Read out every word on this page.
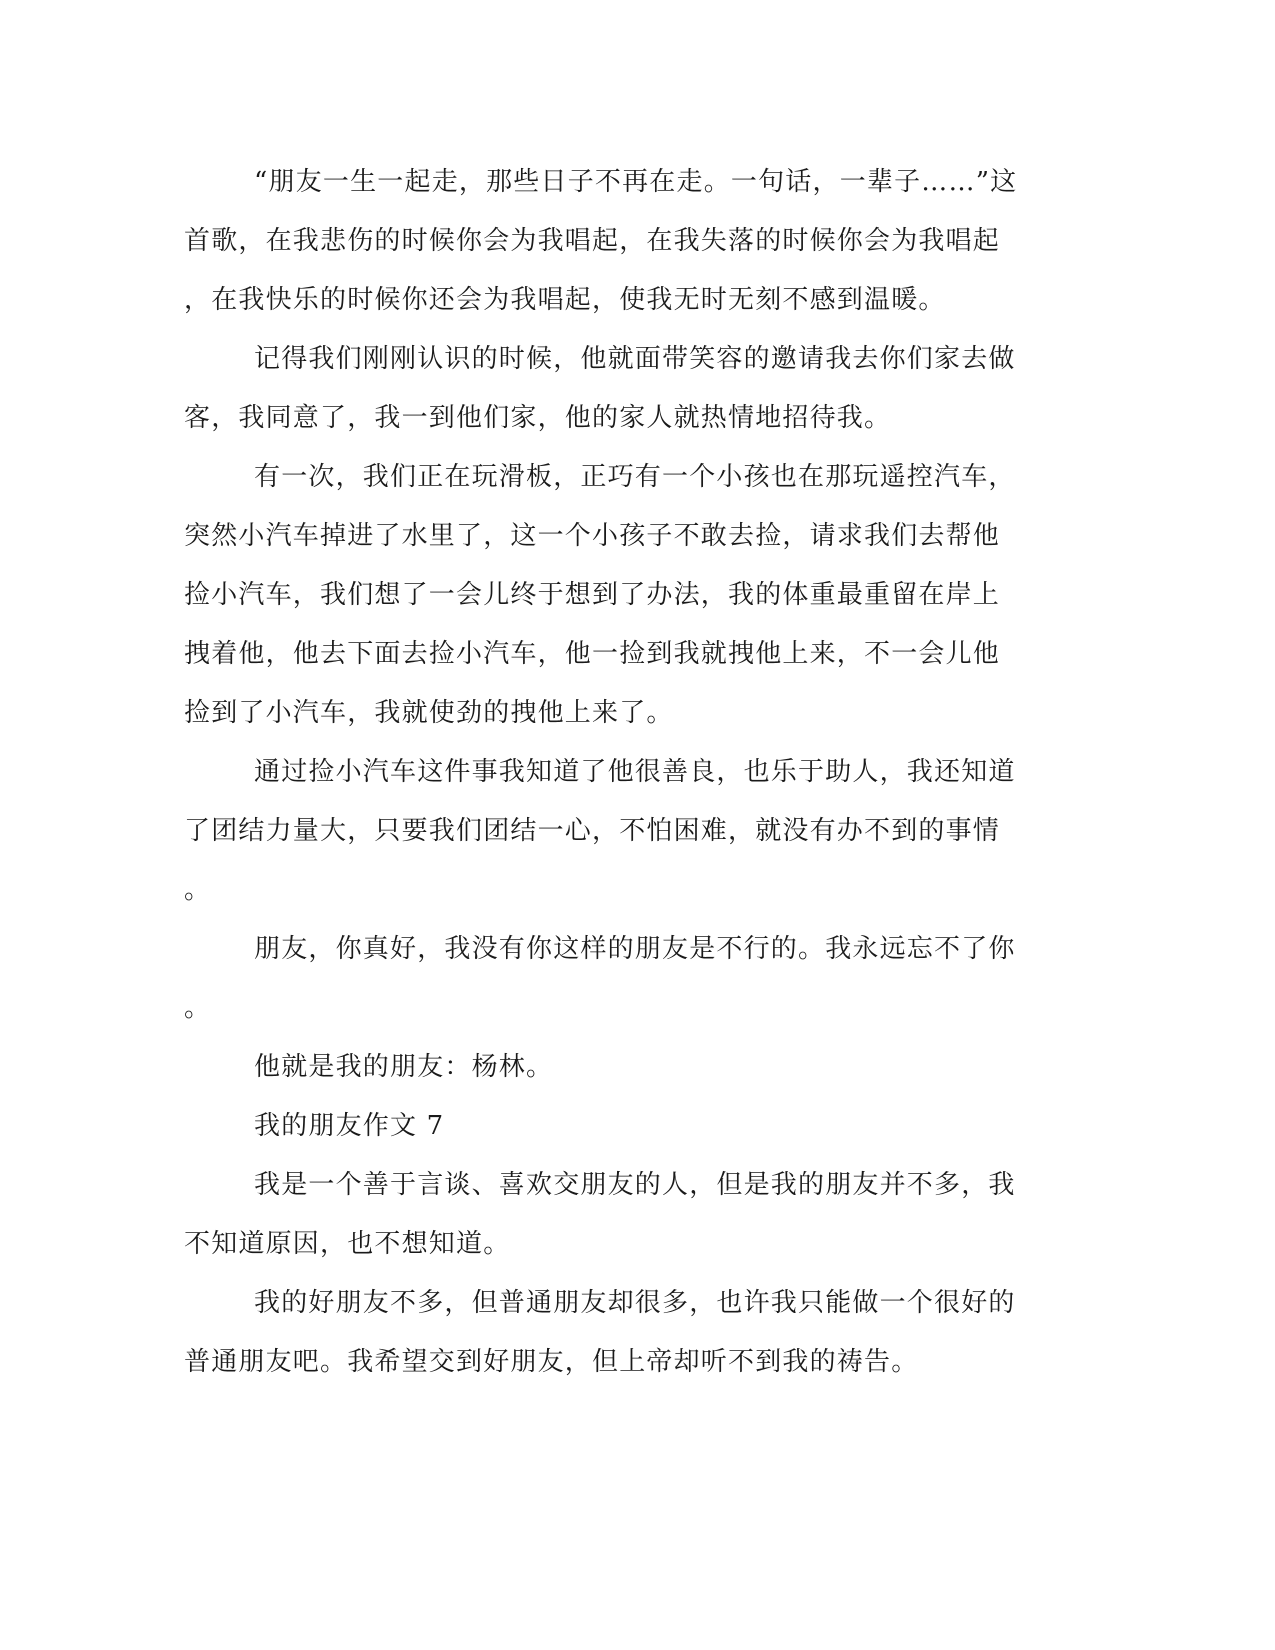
“朋友一生一起走，那些日子不再在走。一句话，一辈子……”这
首歌，在我悲伤的时候你会为我唱起，在我失落的时候你会为我唱起
，在我快乐的时候你还会为我唱起，使我无时无刻不感到温暖。
记得我们刚刚认识的时候，他就面带笑容的邀请我去你们家去做
客，我同意了，我一到他们家，他的家人就热情地招待我。
有一次，我们正在玩滑板，正巧有一个小孩也在那玩遥控汽车，
突然小汽车掉进了水里了，这一个小孩子不敢去捡，请求我们去帮他
捡小汽车，我们想了一会儿终于想到了办法，我的体重最重留在岸上
拽着他，他去下面去捡小汽车，他一捡到我就拽他上来，不一会儿他
捡到了小汽车，我就使劲的拽他上来了。
通过捡小汽车这件事我知道了他很善良，也乐于助人，我还知道
了团结力量大，只要我们团结一心，不怕困难，就没有办不到的事情
。
朋友，你真好，我没有你这样的朋友是不行的。我永远忘不了你
。
他就是我的朋友：杨林。
我的朋友作文 7
我是一个善于言谈、喜欢交朋友的人，但是我的朋友并不多，我
不知道原因，也不想知道。
我的好朋友不多，但普通朋友却很多，也许我只能做一个很好的
普通朋友吧。我希望交到好朋友，但上帝却听不到我的祷告。
